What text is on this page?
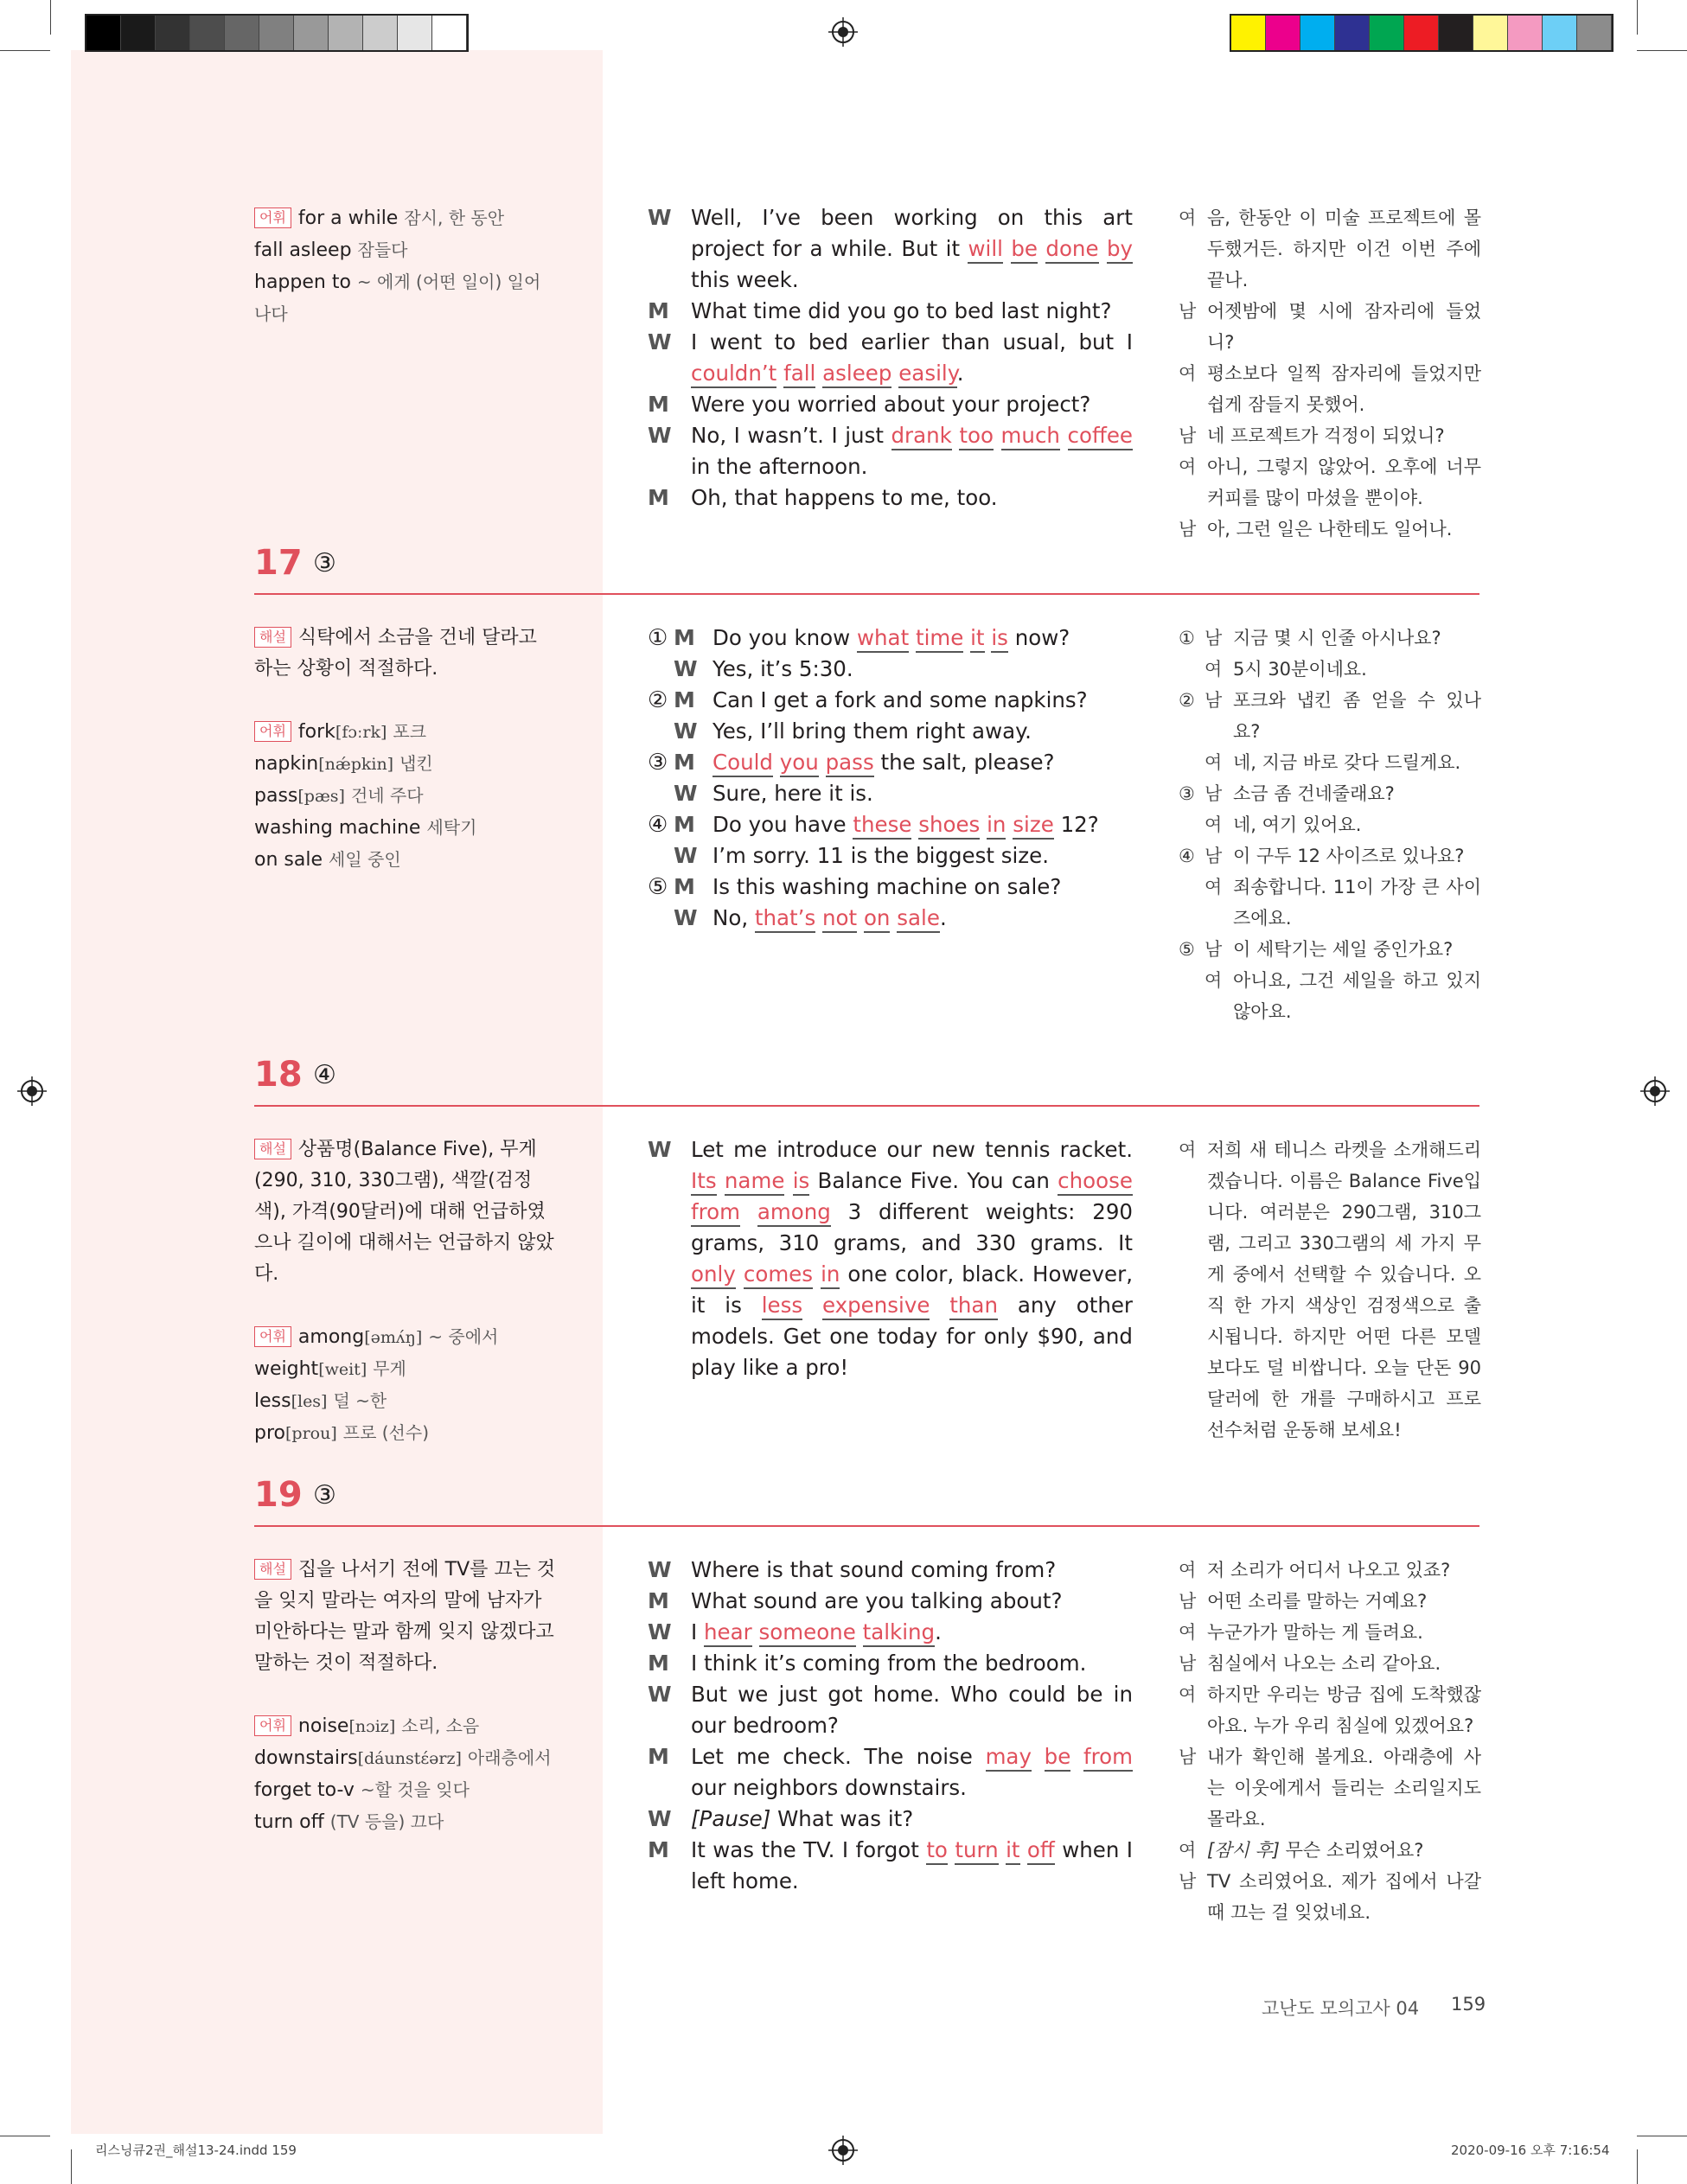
어휘 for a while 잠시, 한 동안

fall asleep 잠들다

happen to ~ 에게 (어떤 일이) 일어나다

W Well, I’ve been working on this art project for a while. But it will be done by this week.
M What time did you go to bed last night?
W I went to bed earlier than usual, but I couldn’t fall asleep easily.
M Were you worried about your project?
W No, I wasn’t. I just drank too much coffee in the afternoon.
M Oh, that happens to me, too.
여 음, 한동안 이 미술 프로젝트에 몰두했거든. 하지만 이건 이번 주에 끝나.
남 어젯밤에 몇 시에 잠자리에 들었니?
여 평소보다 일찍 잠자리에 들었지만 쉽게 잠들지 못했어.
남 네 프로젝트가 걱정이 되었니?
여 아니, 그렇지 않았어. 오후에 너무 커피를 많이 마셨을 뿐이야.
남 아, 그런 일은 나한테도 일어나.
17 ③

해설 식탁에서 소금을 건네 달라고 하는 상황이 적절하다.

어휘 fork[fɔːrk] 포크

napkin[nǽpkin] 냅킨

pass[pæs] 건네 주다

washing machine 세탁기

on sale 세일 중인

① M Do you know what time it is now?
W Yes, it’s 5:30.
② M Can I get a fork and some napkins?
W Yes, I’ll bring them right away.
③ M Could you pass the salt, please?
W Sure, here it is.
④ M Do you have these shoes in size 12?
W I’m sorry. 11 is the biggest size.
⑤ M Is this washing machine on sale?
W No, that’s not on sale.
① 남 지금 몇 시 인줄 아시나요?
여 5시 30분이네요.
② 남 포크와 냅킨 좀 얻을 수 있나요?
여 네, 지금 바로 갖다 드릴게요.
③ 남 소금 좀 건네줄래요?
여 네, 여기 있어요.
④ 남 이 구두 12 사이즈로 있나요?
여 죄송합니다. 11이 가장 큰 사이즈에요.
⑤ 남 이 세탁기는 세일 중인가요?
여 아니요, 그건 세일을 하고 있지 않아요.
18 ④

해설 상품명(Balance Five), 무게(290, 310, 330그램), 색깔(검정색), 가격(90달러)에 대해 언급하였으나 길이에 대해서는 언급하지 않았다.

어휘 among[əmʌ́ŋ] ~ 중에서

weight[weit] 무게

less[les] 덜 ~한

pro[prou] 프로 (선수)

W Let me introduce our new tennis racket. Its name is Balance Five. You can choose from among 3 different weights: 290 grams, 310 grams, and 330 grams. It only comes in one color, black. However, it is less expensive than any other models. Get one today for only $90, and play like a pro!
여 저희 새 테니스 라켓을 소개해드리겠습니다. 이름은 Balance Five입니다. 여러분은 290그램, 310그램, 그리고 330그램의 세 가지 무게 중에서 선택할 수 있습니다. 오직 한 가지 색상인 검정색으로 출시됩니다. 하지만 어떤 다른 모델보다도 덜 비쌉니다. 오늘 단돈 90달러에 한 개를 구매하시고 프로 선수처럼 운동해 보세요!
19 ③

해설 집을 나서기 전에 TV를 끄는 것을 잊지 말라는 여자의 말에 남자가 미안하다는 말과 함께 잊지 않겠다고 말하는 것이 적절하다.

어휘 noise[nɔiz] 소리, 소음

downstairs[dáunstɛ́ərz] 아래층에서

forget to-v ~할 것을 잊다

turn off (TV 등을) 끄다

W Where is that sound coming from?
M What sound are you talking about?
W I hear someone talking.
M I think it’s coming from the bedroom.
W But we just got home. Who could be in our bedroom?
M Let me check. The noise may be from our neighbors downstairs.
W [Pause] What was it?
M It was the TV. I forgot to turn it off when I left home.
여 저 소리가 어디서 나오고 있죠?
남 어떤 소리를 말하는 거예요?
여 누군가가 말하는 게 들려요.
남 침실에서 나오는 소리 같아요.
여 하지만 우리는 방금 집에 도착했잖아요. 누가 우리 침실에 있겠어요?
남 내가 확인해 볼게요. 아래층에 사는 이웃에게서 들리는 소리일지도 몰라요.
여 [잠시 후] 무슨 소리였어요?
남 TV 소리였어요. 제가 집에서 나갈 때 끄는 걸 잊었네요.
고난도 모의고사 04 159
리스닝큐2권_해설13-24.indd 159	2020-09-16 오후 7:16:54
